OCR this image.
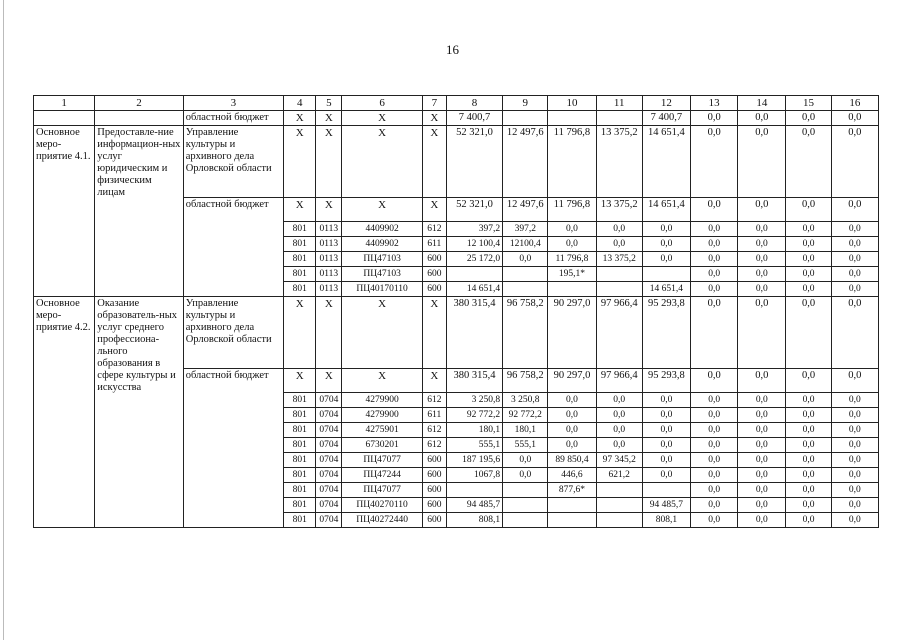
16
1	2	3	4	5	6	7	8	9	10	11	12	13	14	15	16
		областной бюджет	X	X	X	X	7 400,7				7 400,7	0,0	0,0	0,0	0,0
Основное меро-приятие 4.1.	Предоставле-ние информацион-ных услуг юридическим и физическим лицам	Управление культуры и архивного дела Орловской области	X	X	X	X	52 321,0	12 497,6	11 796,8	13 375,2	14 651,4	0,0	0,0	0,0	0,0
		областной бюджет	X	X	X	X	52 321,0	12 497,6	11 796,8	13 375,2	14 651,4	0,0	0,0	0,0	0,0
			801	0113	4409902	612	397,2	397,2	0,0	0,0	0,0	0,0	0,0	0,0	0,0
			801	0113	4409902	611	12 100,4	12100,4	0,0	0,0	0,0	0,0	0,0	0,0	0,0
			801	0113	ПЦ47103	600	25 172,0	0,0	11 796,8	13 375,2	0,0	0,0	0,0	0,0	0,0
			801	0113	ПЦ47103	600			195,1*			0,0	0,0	0,0	0,0
			801	0113	ПЦ40170110	600	14 651,4				14 651,4	0,0	0,0	0,0	0,0
Основное меро-приятие 4.2.	Оказание образователь-ных услуг среднего профессиона-льного образования в сфере культуры и искусства	Управление культуры и архивного дела Орловской области	X	X	X	X	380 315,4	96 758,2	90 297,0	97 966,4	95 293,8	0,0	0,0	0,0	0,0
		областной бюджет	X	X	X	X	380 315,4	96 758,2	90 297,0	97 966,4	95 293,8	0,0	0,0	0,0	0,0
			801	0704	4279900	612	3 250,8	3 250,8	0,0	0,0	0,0	0,0	0,0	0,0	0,0
			801	0704	4279900	611	92 772,2	92 772,2	0,0	0,0	0,0	0,0	0,0	0,0	0,0
			801	0704	4275901	612	180,1	180,1	0,0	0,0	0,0	0,0	0,0	0,0	0,0
			801	0704	6730201	612	555,1	555,1	0,0	0,0	0,0	0,0	0,0	0,0	0,0
			801	0704	ПЦ47077	600	187 195,6	0,0	89 850,4	97 345,2	0,0	0,0	0,0	0,0	0,0
			801	0704	ПЦ47244	600	1067,8	0,0	446,6	621,2	0,0	0,0	0,0	0,0	0,0
			801	0704	ПЦ47077	600			877,6*			0,0	0,0	0,0	0,0
			801	0704	ПЦ40270110	600	94 485,7				94 485,7	0,0	0,0	0,0	0,0
			801	0704	ПЦ40272440	600	808,1				808,1	0,0	0,0	0,0	0,0
